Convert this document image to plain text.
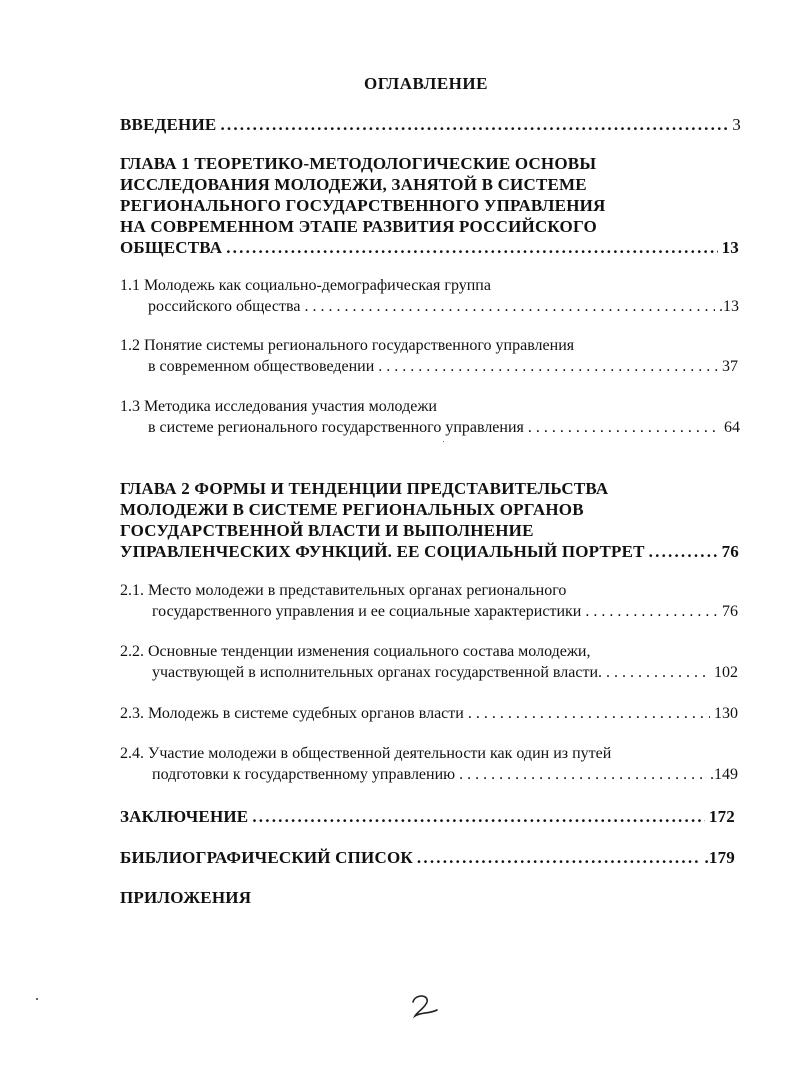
ОГЛАВЛЕНИЕ
ВВЕДЕНИЕ .....	3
ГЛАВА 1 ТЕОРЕТИКО-МЕТОДОЛОГИЧЕСКИЕ ОСНОВЫ
ИССЛЕДОВАНИЯ МОЛОДЕЖИ, ЗАНЯТОЙ В СИСТЕМЕ
РЕГИОНАЛЬНОГО ГОСУДАРСТВЕННОГО УПРАВЛЕНИЯ
НА СОВРЕМЕННОМ ЭТАПЕ РАЗВИТИЯ РОССИЙСКОГО
ОБЩЕСТВА .....	13
1.1 Молодежь как социально-демографическая группа
российского общества . . .	.13
1.2 Понятие системы регионального государственного управления
в современном обществоведении . . .	37
1.3 Методика исследования участия молодежи
в системе регионального государственного управления . . .	64
ГЛАВА 2 ФОРМЫ И ТЕНДЕНЦИИ ПРЕДСТАВИТЕЛЬСТВА
МОЛОДЕЖИ В СИСТЕМЕ РЕГИОНАЛЬНЫХ ОРГАНОВ
ГОСУДАРСТВЕННОЙ ВЛАСТИ И ВЫПОЛНЕНИЕ
УПРАВЛЕНЧЕСКИХ ФУНКЦИЙ. ЕЕ СОЦИАЛЬНЫЙ ПОРТРЕТ .....	76
2.1. Место молодежи в представительных органах регионального
государственного управления и ее социальные характеристики . . .	76
2.2. Основные тенденции изменения социального состава молодежи,
участвующей в исполнительных органах государственной власти. . . .	102
2.3. Молодежь в системе судебных органов власти . . .	130
2.4. Участие молодежи в общественной деятельности как один из путей
подготовки к государственному управлению . . .	.149
ЗАКЛЮЧЕНИЕ .....	172
БИБЛИОГРАФИЧЕСКИЙ СПИСОК .....	.179
ПРИЛОЖЕНИЯ
